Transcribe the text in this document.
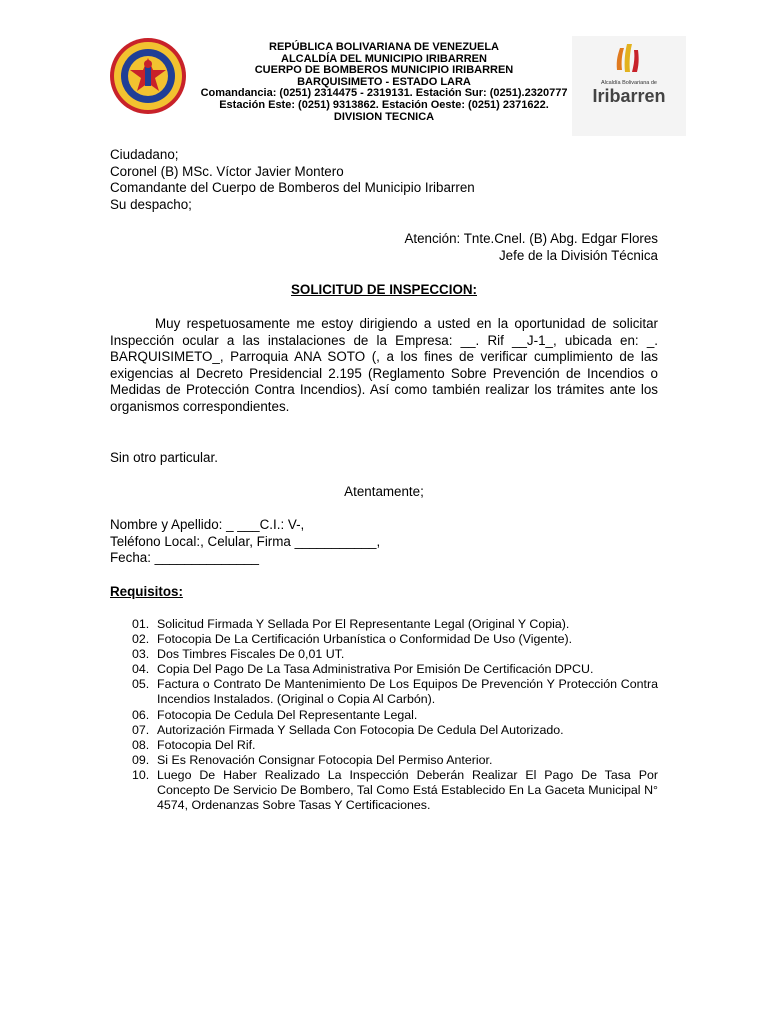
REPÚBLICA BOLIVARIANA DE VENEZUELA
ALCALDÍA DEL MUNICIPIO IRIBARREN
CUERPO DE BOMBEROS MUNICIPIO IRIBARREN
BARQUISIMETO - ESTADO LARA
Comandancia: (0251) 2314475 - 2319131. Estación Sur: (0251).2320777
Estación Este: (0251) 9313862. Estación Oeste: (0251) 2371622.
DIVISION TECNICA
Alcaldía Bolivariana de
Iribarren
Ciudadano;
Coronel (B) MSc. Víctor Javier Montero
Comandante del Cuerpo de Bomberos del Municipio Iribarren
Su despacho;
Atención: Tnte.Cnel. (B) Abg. Edgar Flores
Jefe de la División Técnica
SOLICITUD DE INSPECCION:
Muy respetuosamente me estoy dirigiendo a usted en la oportunidad de solicitar Inspección ocular a las instalaciones de la Empresa: __. Rif __J-1_, ubicada en: _. BARQUISIMETO_, Parroquia ANA SOTO (, a los fines de verificar cumplimiento de las exigencias al Decreto Presidencial 2.195 (Reglamento Sobre Prevención de Incendios o Medidas de Protección Contra Incendios). Así como también realizar los trámites ante los organismos correspondientes.
Sin otro particular.
Atentamente;
Nombre y Apellido: _ ___C.I.: V-,
Teléfono Local:, Celular, Firma ___________,
Fecha: ______________
Requisitos:
01. Solicitud Firmada Y Sellada Por El Representante Legal (Original Y Copia).
02. Fotocopia De La Certificación Urbanística o Conformidad De Uso (Vigente).
03. Dos Timbres Fiscales De 0,01 UT.
04. Copia Del Pago De La Tasa Administrativa Por Emisión De Certificación DPCU.
05. Factura o Contrato De Mantenimiento De Los Equipos De Prevención Y Protección Contra Incendios Instalados. (Original o Copia Al Carbón).
06. Fotocopia De Cedula Del Representante Legal.
07. Autorización Firmada Y Sellada Con Fotocopia De Cedula Del Autorizado.
08. Fotocopia Del Rif.
09. Si Es Renovación Consignar Fotocopia Del Permiso Anterior.
10. Luego De Haber Realizado La Inspección Deberán Realizar El Pago De Tasa Por Concepto De Servicio De Bombero, Tal Como Está Establecido En La Gaceta Municipal N° 4574, Ordenanzas Sobre Tasas Y Certificaciones.
